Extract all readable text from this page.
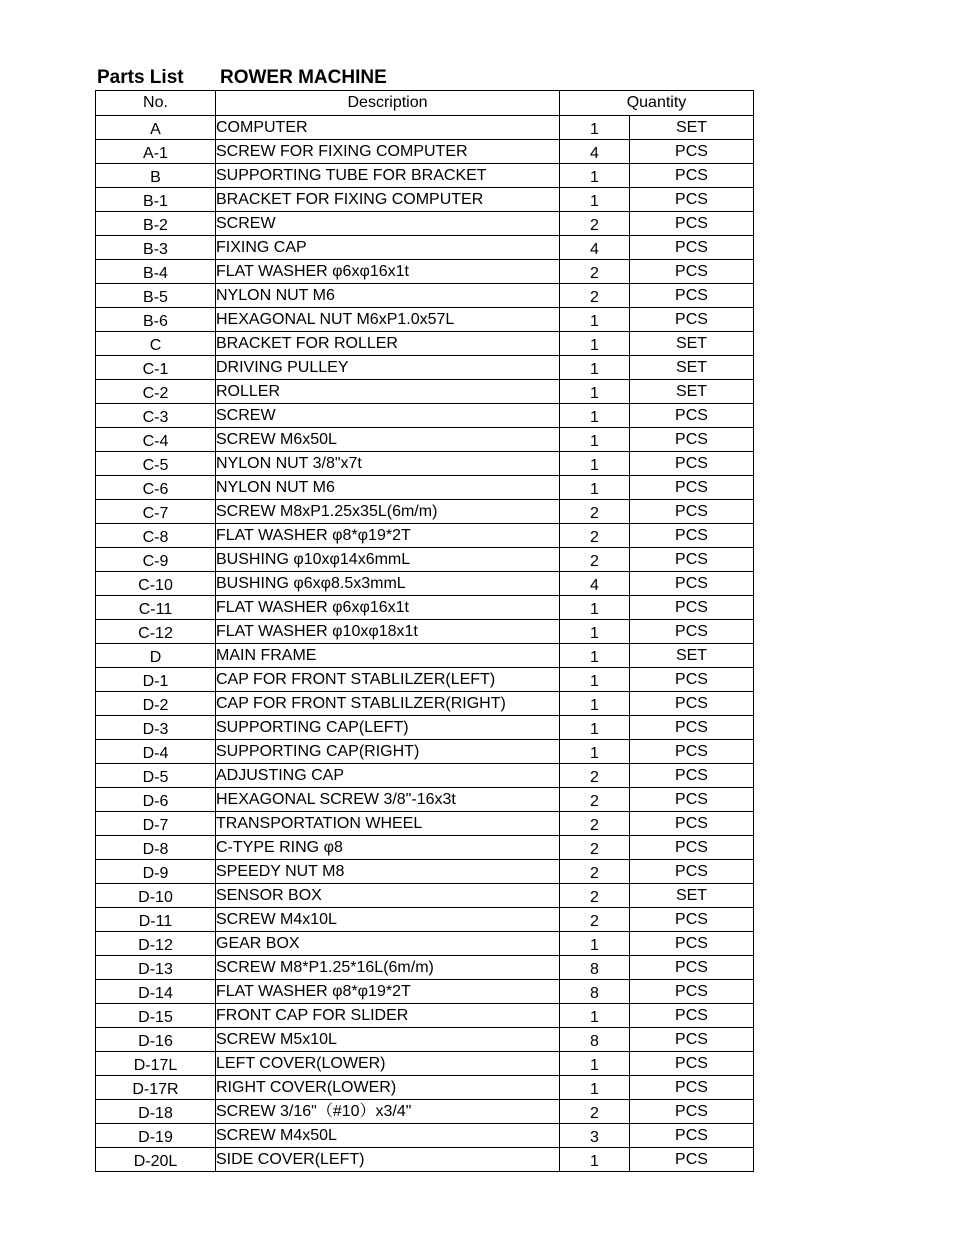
Parts List ROWER MACHINE
No.	Description	Quantity	
A	COMPUTER	1	SET
A-1	SCREW FOR FIXING COMPUTER	4	PCS
B	SUPPORTING TUBE FOR BRACKET	1	PCS
B-1	BRACKET FOR FIXING COMPUTER	1	PCS
B-2	SCREW	2	PCS
B-3	FIXING CAP	4	PCS
B-4	FLAT WASHER φ6xφ16x1t	2	PCS
B-5	NYLON NUT M6	2	PCS
B-6	HEXAGONAL NUT M6xP1.0x57L	1	PCS
C	BRACKET FOR ROLLER	1	SET
C-1	DRIVING PULLEY	1	SET
C-2	ROLLER	1	SET
C-3	SCREW	1	PCS
C-4	SCREW M6x50L	1	PCS
C-5	NYLON NUT 3/8"x7t	1	PCS
C-6	NYLON NUT M6	1	PCS
C-7	SCREW M8xP1.25x35L(6m/m)	2	PCS
C-8	FLAT WASHER φ8*φ19*2T	2	PCS
C-9	BUSHING φ10xφ14x6mmL	2	PCS
C-10	BUSHING φ6xφ8.5x3mmL	4	PCS
C-11	FLAT WASHER φ6xφ16x1t	1	PCS
C-12	FLAT WASHER φ10xφ18x1t	1	PCS
D	MAIN FRAME	1	SET
D-1	CAP FOR FRONT STABLILZER(LEFT)	1	PCS
D-2	CAP FOR FRONT STABLILZER(RIGHT)	1	PCS
D-3	SUPPORTING CAP(LEFT)	1	PCS
D-4	SUPPORTING CAP(RIGHT)	1	PCS
D-5	ADJUSTING CAP	2	PCS
D-6	HEXAGONAL SCREW 3/8"-16x3t	2	PCS
D-7	TRANSPORTATION WHEEL	2	PCS
D-8	C-TYPE RING φ8	2	PCS
D-9	SPEEDY NUT M8	2	PCS
D-10	SENSOR BOX	2	SET
D-11	SCREW M4x10L	2	PCS
D-12	GEAR BOX	1	PCS
D-13	SCREW M8*P1.25*16L(6m/m)	8	PCS
D-14	FLAT WASHER φ8*φ19*2T	8	PCS
D-15	FRONT CAP FOR SLIDER	1	PCS
D-16	SCREW M5x10L	8	PCS
D-17L	LEFT COVER(LOWER)	1	PCS
D-17R	RIGHT COVER(LOWER)	1	PCS
D-18	SCREW 3/16"（#10）x3/4"	2	PCS
D-19	SCREW M4x50L	3	PCS
D-20L	SIDE COVER(LEFT)	1	PCS
